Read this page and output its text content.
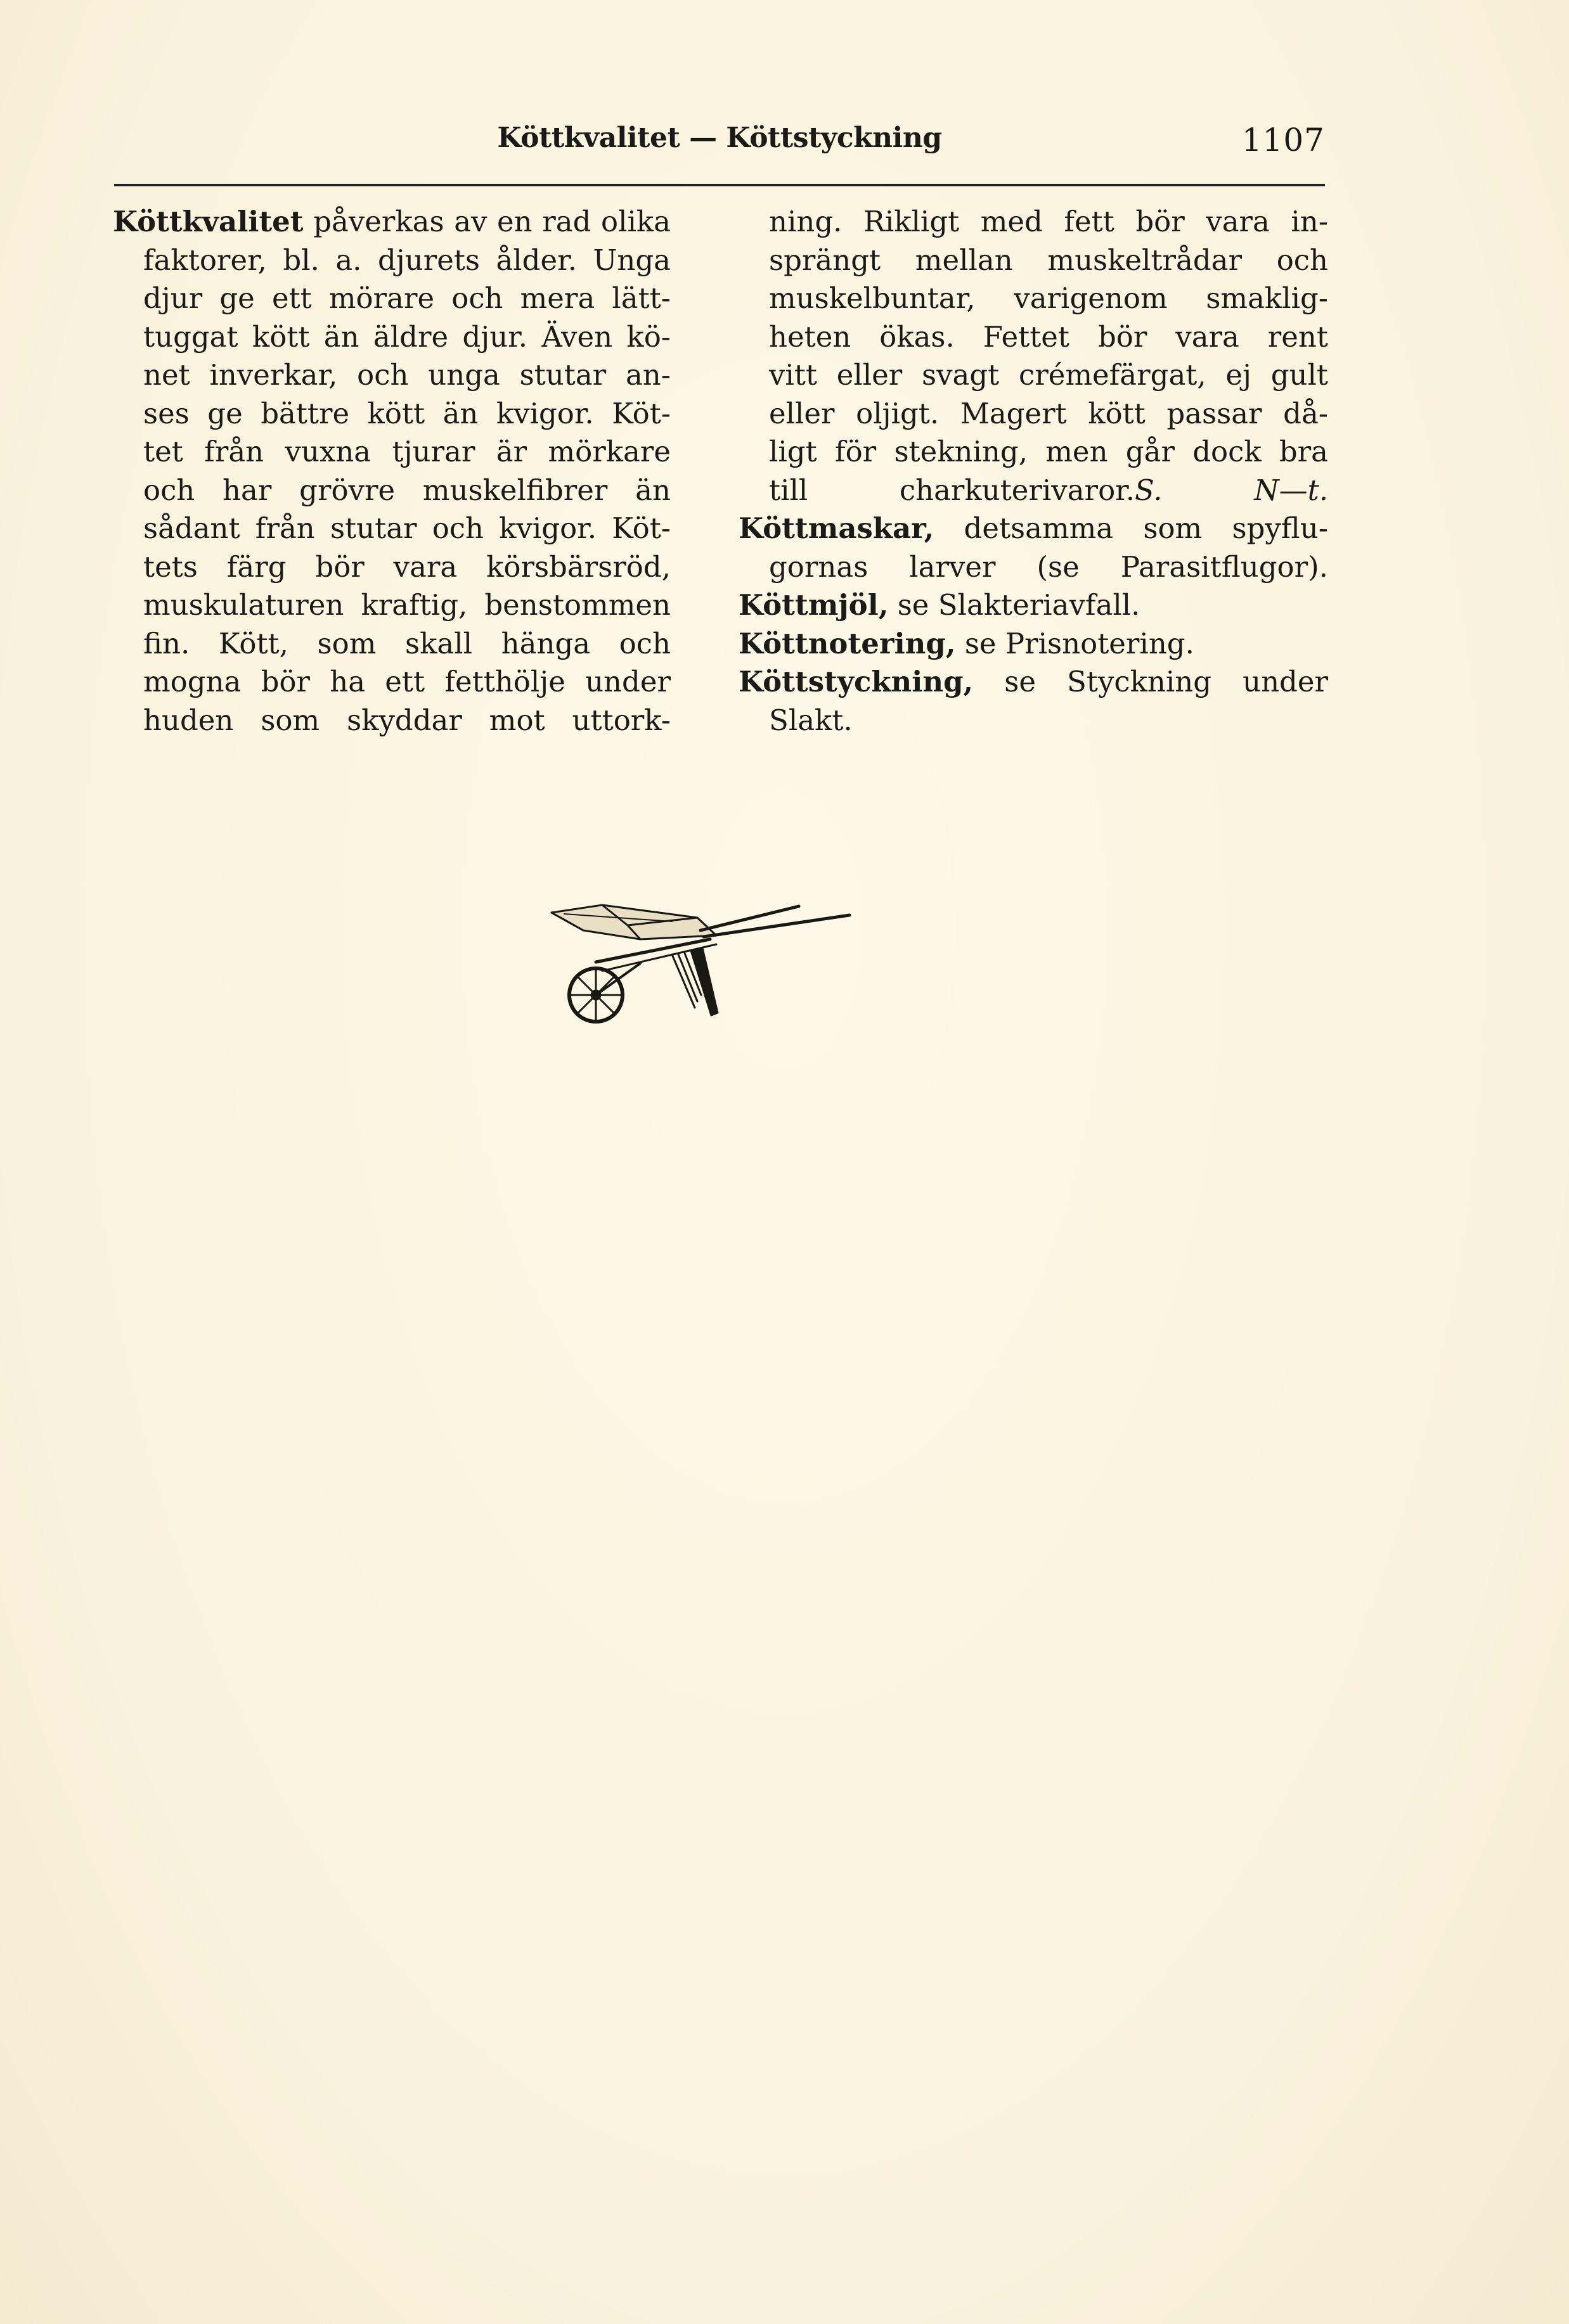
Köttkvalitet — Köttstyckning	1107
Köttkvalitet påverkas av en rad olika
faktorer, bl. a. djurets ålder. Unga
djur ge ett mörare och mera lätt-
tuggat kött än äldre djur. Även kö-
net inverkar, och unga stutar an-
ses ge bättre kött än kvigor. Köt-
tet från vuxna tjurar är mörkare
och har grövre muskelfibrer än
sådant från stutar och kvigor. Köt-
tets färg bör vara körsbärsröd,
muskulaturen kraftig, benstommen
fin. Kött, som skall hänga och
mogna bör ha ett fetthölje under
huden som skyddar mot uttork-
ning. Rikligt med fett bör vara in-
sprängt mellan muskeltrådar och
muskelbuntar, varigenom smaklig-
heten ökas. Fettet bör vara rent
vitt eller svagt crémefärgat, ej gult
eller oljigt. Magert kött passar då-
ligt för stekning, men går dock bra
till charkuterivaror.S. N—t.
Köttmaskar, detsamma som spyflu-
gornas larver (se Parasitflugor).
Köttmjöl, se Slakteriavfall.
Köttnotering, se Prisnotering.
Köttstyckning, se Styckning under
Slakt.
